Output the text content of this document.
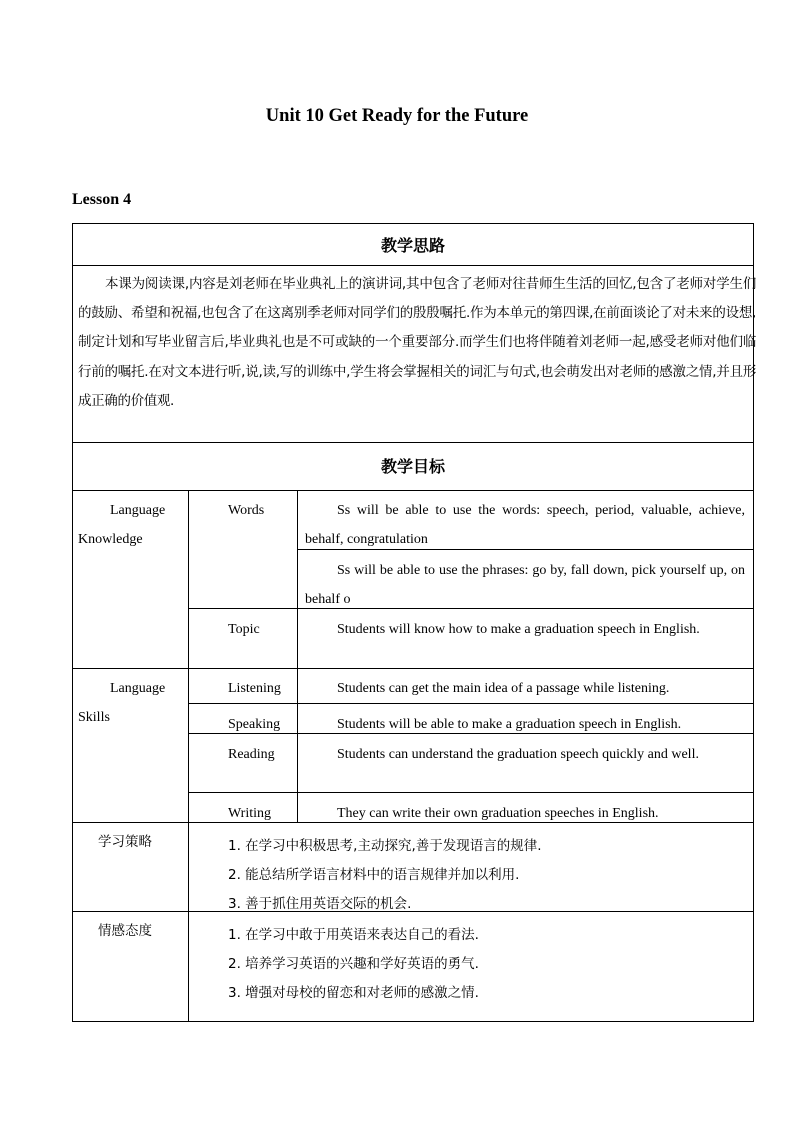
Unit 10 Get Ready for the Future
Lesson 4
教学思路
本课为阅读课,内容是刘老师在毕业典礼上的演讲词,其中包含了老师对往昔师生生活的回忆,包含了老师对学生们的鼓励、希望和祝福,也包含了在这离别季老师对同学们的殷殷嘱托.作为本单元的第四课,在前面谈论了对未来的设想,制定计划和写毕业留言后,毕业典礼也是不可或缺的一个重要部分.而学生们也将伴随着刘老师一起,感受老师对他们临行前的嘱托.在对文本进行听,说,读,写的训练中,学生将会掌握相关的词汇与句式,也会萌发出对老师的感激之情,并且形成正确的价值观.
教学目标
Language Knowledge
Words	Ss will be able to use the words: speech, period, valuable, achieve, behalf, congratulation
Ss will be able to use the phrases: go by, fall down, pick yourself up, on behalf o
Topic	Students will know how to make a graduation speech in English.
Language Skills
Listening	Students can get the main idea of a passage while listening.
Speaking	Students will be able to make a graduation speech in English.
Reading	Students can understand the graduation speech quickly and well.
Writing	They can write their own graduation speeches in English.
学习策略	1. 在学习中积极思考,主动探究,善于发现语言的规律.
2. 能总结所学语言材料中的语言规律并加以利用.
3. 善于抓住用英语交际的机会.
情感态度	1. 在学习中敢于用英语来表达自己的看法.
2. 培养学习英语的兴趣和学好英语的勇气.
3. 增强对母校的留恋和对老师的感激之情.
